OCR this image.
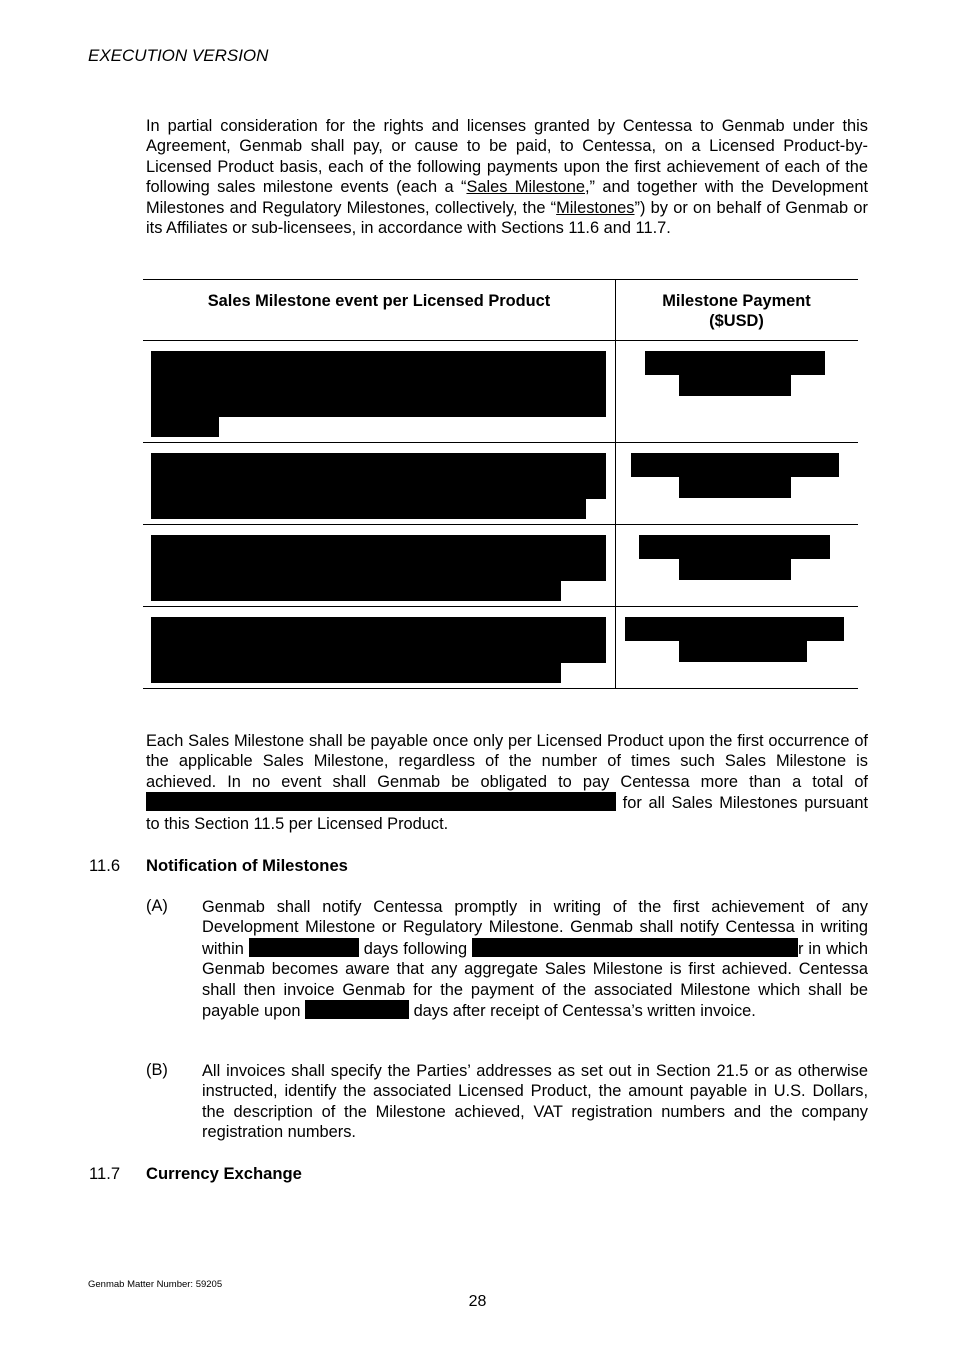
EXECUTION VERSION
In partial consideration for the rights and licenses granted by Centessa to Genmab under this Agreement, Genmab shall pay, or cause to be paid, to Centessa, on a Licensed Product-by-Licensed Product basis, each of the following payments upon the first achievement of each of the following sales milestone events (each a “Sales Milestone,” and together with the Development Milestones and Regulatory Milestones, collectively, the “Milestones”) by or on behalf of Genmab or its Affiliates or sub-licensees, in accordance with Sections 11.6 and 11.7.
Sales Milestone event per Licensed Product	Milestone Payment
($USD)
Each Sales Milestone shall be payable once only per Licensed Product upon the first occurrence of the applicable Sales Milestone, regardless of the number of times such Sales Milestone is achieved. In no event shall Genmab be obligated to pay Centessa more than a total of  for all Sales Milestones pursuant to this Section 11.5 per Licensed Product.
11.6 Notification of Milestones
(A) Genmab shall notify Centessa promptly in writing of the first achievement of any Development Milestone or Regulatory Milestone. Genmab shall notify Centessa in writing within	days following	r in which Genmab becomes aware that any aggregate Sales Milestone is first achieved. Centessa shall then invoice Genmab for the payment of the associated Milestone which shall be payable upon	days after receipt of Centessa’s written invoice.
(B) All invoices shall specify the Parties’ addresses as set out in Section 21.5 or as otherwise instructed, identify the associated Licensed Product, the amount payable in U.S. Dollars, the description of the Milestone achieved, VAT registration numbers and the company registration numbers.
11.7 Currency Exchange
Genmab Matter Number: 59205
28
